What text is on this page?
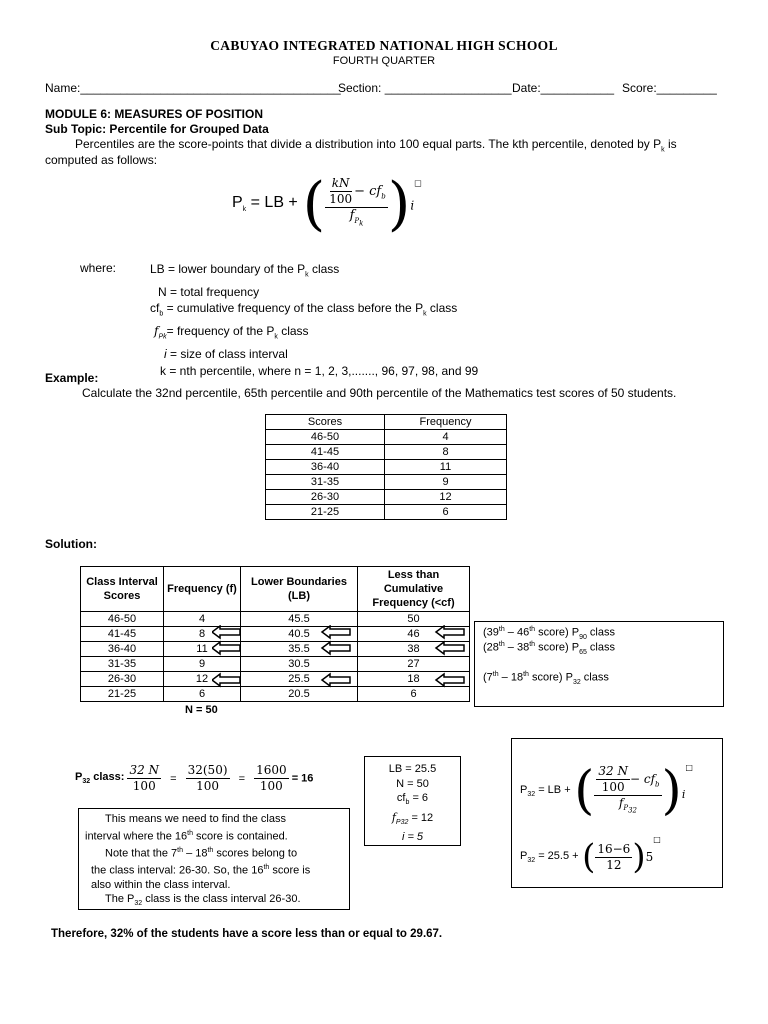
CABUYAO INTEGRATED NATIONAL HIGH SCHOOL
FOURTH QUARTER
Name:_______________________________________
Section: ___________________ Date:___________ Score:_________
MODULE 6: MEASURES OF POSITION
Sub Topic: Percentile for Grouped Data
Percentiles are the score-points that divide a distribution into 100 equal parts. The kth percentile, denoted by $P_k$ is
computed as follows:
$P_k$ = LB + ( $\frac{\frac{kN}{100} - cf_b}{f_{P_k}} )i^□$
where:	LB = lower boundary of the $P_k$ class
N = total frequency
$cf_b$ = cumulative frequency of the class before the $P_k$ class
$f_{Pk}=$ frequency of the $P_k$ class
i = size of class interval
k = nth percentile, where n = 1, 2, 3,......., 96, 97, 98, and 99
Example:
Calculate the 32nd percentile, 65th percentile and 90th percentile of the Mathematics test scores of 50 students.
Scores	Frequency
46-50	4
41-45	8
36-40	11
31-35	9
26-30	12
21-25	6
Solution:
Class Interval Scores	Frequency (f)	Lower Boundaries (LB)	Less than Cumulative Frequency (<cf)
46-50	4	45.5	50
41-45	8	40.5	46
36-40	11	35.5	38
31-35	9	30.5	27
26-30	12	25.5	18
21-25	6	20.5	6
N = 50
(39th – 46th score) $P_{90}$ class
(28th – 38th score) $P_{65}$ class
(7th – 18th score) $P_{32}$ class
$P_{32}$ class: $\frac{32 N}{100} = \frac{32(50)}{100} = \frac{1600}{100} = 16$
LB = 25.5
N = 50
$cf_b = 6$
$f_{P32} = 12$
i = 5
This means we need to find the class
interval where the 16th score is contained.
Note that the 7th – 18th scores belong to
the class interval: 26-30. So, the 16th score is
also within the class interval.
The $P_{32}$ class is the class interval 26-30.
$P_{32}$ = LB + ( $\frac{\frac{32 N}{100} - cf_b}{f_{P_{32}}} )i^□$
$P_{32} = 25.5$ + ( $\frac{16-6}{12} )5^□$
Therefore, 32% of the students have a score less than or equal to 29.67.
